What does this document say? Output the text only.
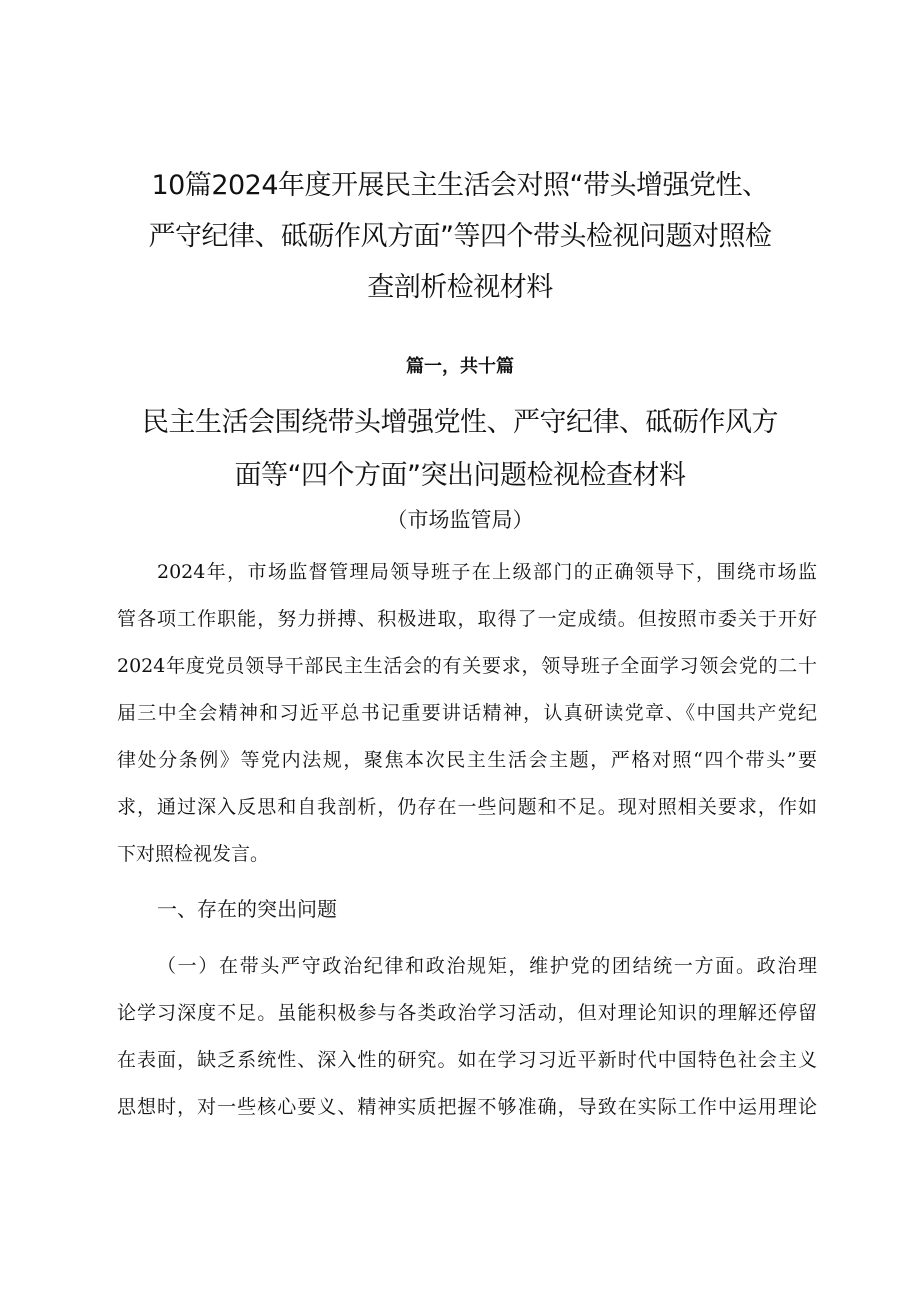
10篇2024年度开展民主生活会对照“带头增强党性、
严守纪律、砥砺作风方面”等四个带头检视问题对照检
查剖析检视材料
篇一，共十篇
民主生活会围绕带头增强党性、严守纪律、砥砺作风方
面等“四个方面”突出问题检视检查材料
（市场监管局）

2024年，市场监督管理局领导班子在上级部门的正确领导下，围绕市场监
管各项工作职能，努力拼搏、积极进取，取得了一定成绩。但按照市委关于开好
2024年度党员领导干部民主生活会的有关要求，领导班子全面学习领会党的二十
届三中全会精神和习近平总书记重要讲话精神，认真研读党章、《中国共产党纪
律处分条例》等党内法规，聚焦本次民主生活会主题，严格对照“四个带头”要
求，通过深入反思和自我剖析，仍存在一些问题和不足。现对照相关要求，作如
下对照检视发言。

一、存在的突出问题

（一）在带头严守政治纪律和政治规矩，维护党的团结统一方面。政治理
论学习深度不足。虽能积极参与各类政治学习活动，但对理论知识的理解还停留
在表面，缺乏系统性、深入性的研究。如在学习习近平新时代中国特色社会主义
思想时，对一些核心要义、精神实质把握不够准确，导致在实际工作中运用理论
